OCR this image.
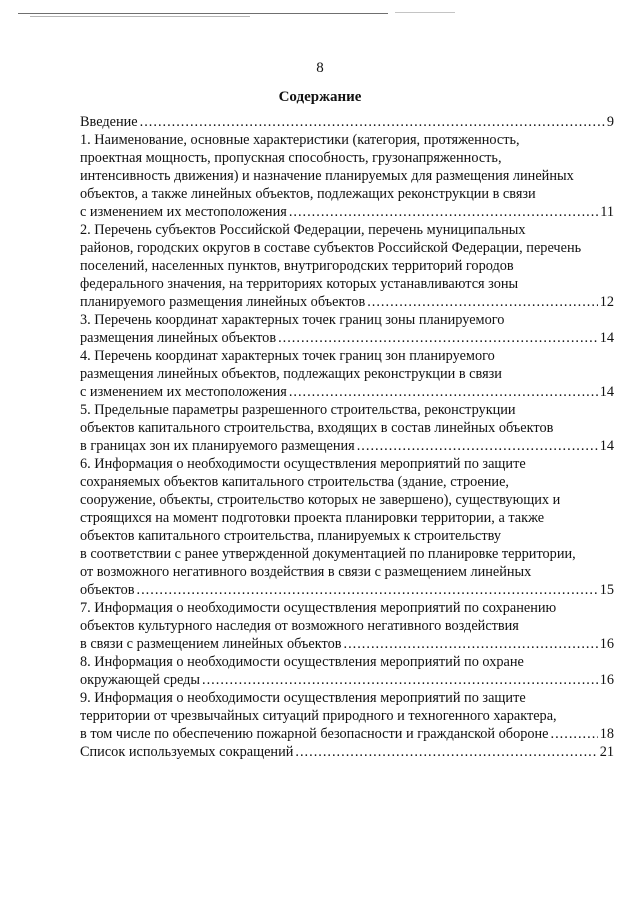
8
Содержание
Введение .....	9
1. Наименование, основные характеристики (категория, протяженность,
проектная мощность, пропускная способность, грузонапряженность,
интенсивность движения) и назначение планируемых для размещения линейных
объектов, а также линейных объектов, подлежащих реконструкции в связи
с изменением их местоположения .....	11
2. Перечень субъектов Российской Федерации, перечень муниципальных
районов, городских округов в составе субъектов Российской Федерации, перечень
поселений, населенных пунктов, внутригородских территорий городов
федерального значения, на территориях которых устанавливаются зоны
планируемого размещения линейных объектов .....	12
3. Перечень координат характерных точек границ зоны планируемого
размещения линейных объектов .....	14
4. Перечень координат характерных точек границ зон планируемого
размещения линейных объектов, подлежащих реконструкции в связи
с изменением их местоположения .....	14
5. Предельные параметры разрешенного строительства, реконструкции
объектов капитального строительства, входящих в состав линейных объектов
в границах зон их планируемого размещения .....	14
6. Информация о необходимости осуществления мероприятий по защите
сохраняемых объектов капитального строительства (здание, строение,
сооружение, объекты, строительство которых не завершено), существующих и
строящихся на момент подготовки проекта планировки территории, а также
объектов капитального строительства, планируемых к строительству
в соответствии с ранее утвержденной документацией по планировке территории,
от возможного негативного воздействия в связи с размещением линейных
объектов .....	15
7. Информация о необходимости осуществления мероприятий по сохранению
объектов культурного наследия от возможного негативного воздействия
в связи с размещением линейных объектов .....	16
8. Информация о необходимости осуществления мероприятий по охране
окружающей среды .....	16
9. Информация о необходимости осуществления мероприятий по защите
территории от чрезвычайных ситуаций природного и техногенного характера,
в том числе по обеспечению пожарной безопасности и гражданской обороне .....	18
Список используемых сокращений .....	21
